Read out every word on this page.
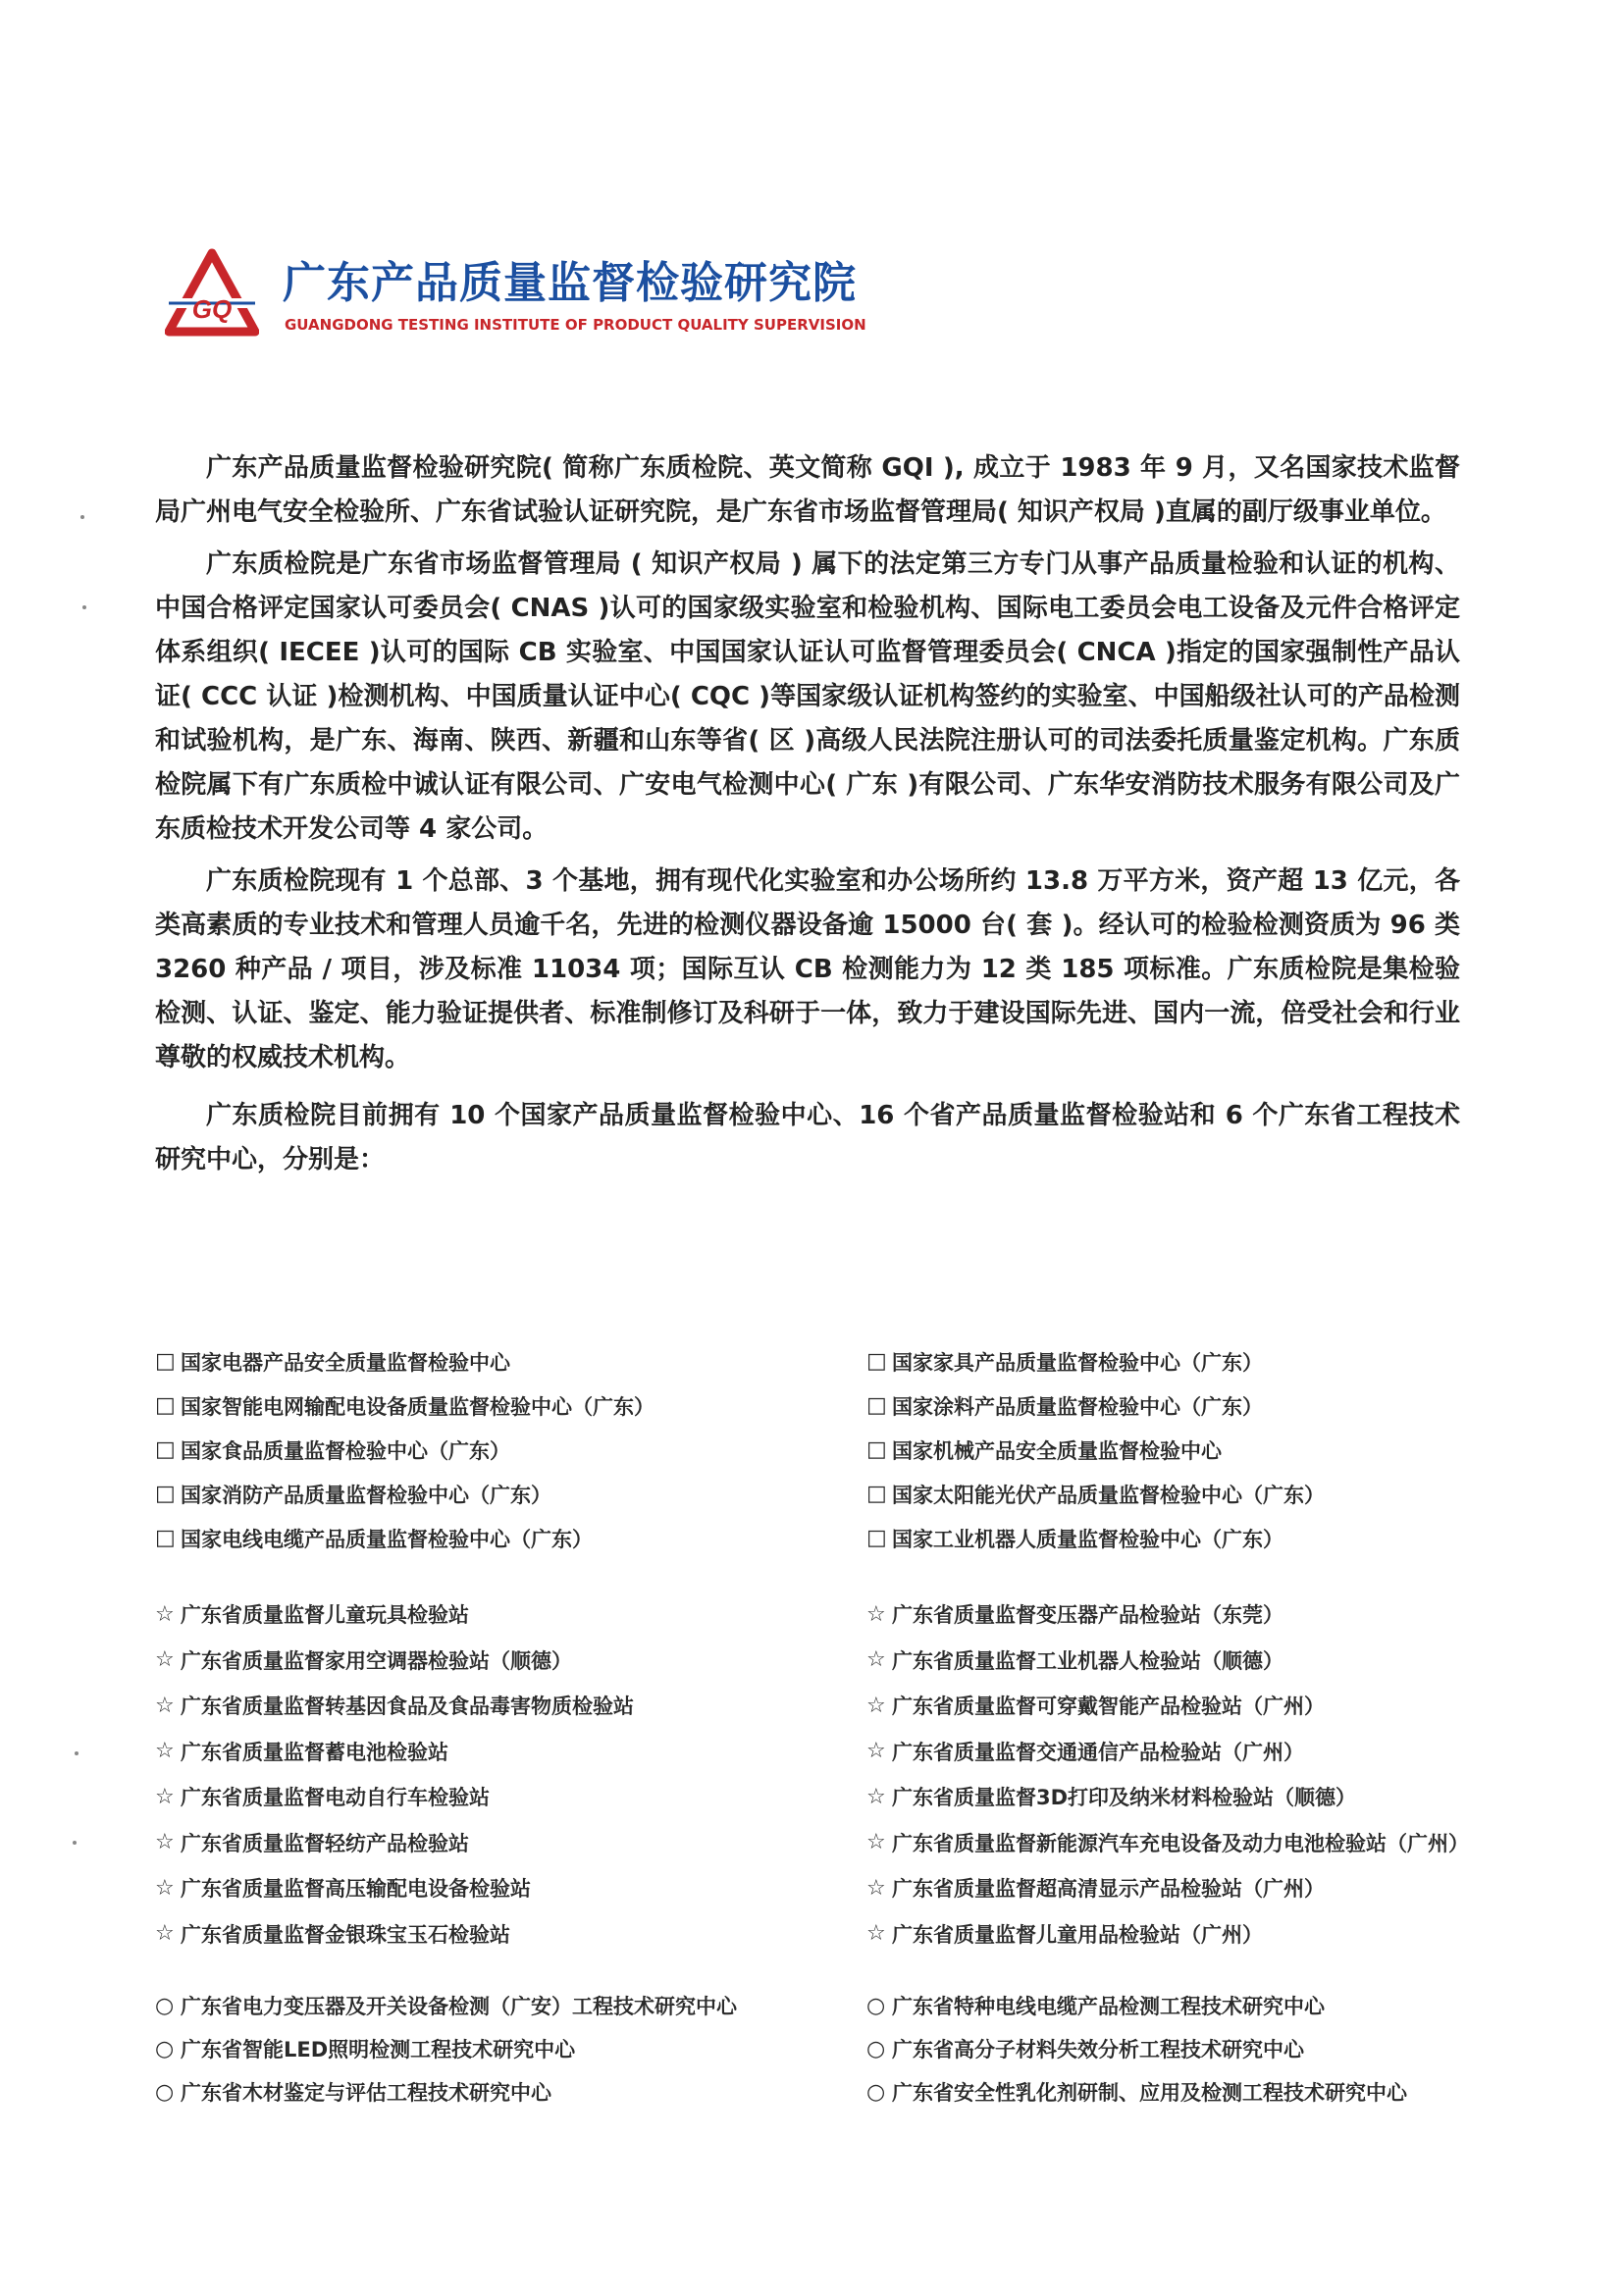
GQ
广东产品质量监督检验研究院
GUANGDONG TESTING INSTITUTE OF PRODUCT QUALITY SUPERVISION

广东产品质量监督检验研究院( 简称广东质检院、英文简称 GQI ), 成立于 1983 年 9 月，又名国家技术监督局广州电气安全检验所、广东省试验认证研究院，是广东省市场监督管理局( 知识产权局 )直属的副厅级事业单位。

广东质检院是广东省市场监督管理局 ( 知识产权局 ) 属下的法定第三方专门从事产品质量检验和认证的机构、中国合格评定国家认可委员会( CNAS )认可的国家级实验室和检验机构、国际电工委员会电工设备及元件合格评定体系组织( IECEE )认可的国际 CB 实验室、中国国家认证认可监督管理委员会( CNCA )指定的国家强制性产品认证( CCC 认证 )检测机构、中国质量认证中心( CQC )等国家级认证机构签约的实验室、中国船级社认可的产品检测和试验机构，是广东、海南、陕西、新疆和山东等省( 区 )高级人民法院注册认可的司法委托质量鉴定机构。广东质检院属下有广东质检中诚认证有限公司、广安电气检测中心( 广东 )有限公司、广东华安消防技术服务有限公司及广东质检技术开发公司等 4 家公司。

广东质检院现有 1 个总部、3 个基地，拥有现代化实验室和办公场所约 13.8 万平方米，资产超 13 亿元，各类高素质的专业技术和管理人员逾千名，先进的检测仪器设备逾 15000 台( 套 )。经认可的检验检测资质为 96 类 3260 种产品 / 项目，涉及标准 11034 项；国际互认 CB 检测能力为 12 类 185 项标准。广东质检院是集检验检测、认证、鉴定、能力验证提供者、标准制修订及科研于一体，致力于建设国际先进、国内一流，倍受社会和行业尊敬的权威技术机构。

广东质检院目前拥有 10 个国家产品质量监督检验中心、16 个省产品质量监督检验站和 6 个广东省工程技术研究中心，分别是：

□ 国家电器产品安全质量监督检验中心
□ 国家智能电网输配电设备质量监督检验中心（广东）
□ 国家食品质量监督检验中心（广东）
□ 国家消防产品质量监督检验中心（广东）
□ 国家电线电缆产品质量监督检验中心（广东）
□ 国家家具产品质量监督检验中心（广东）
□ 国家涂料产品质量监督检验中心（广东）
□ 国家机械产品安全质量监督检验中心
□ 国家太阳能光伏产品质量监督检验中心（广东）
□ 国家工业机器人质量监督检验中心（广东）
☆ 广东省质量监督儿童玩具检验站
☆ 广东省质量监督家用空调器检验站（顺德）
☆ 广东省质量监督转基因食品及食品毒害物质检验站
☆ 广东省质量监督蓄电池检验站
☆ 广东省质量监督电动自行车检验站
☆ 广东省质量监督轻纺产品检验站
☆ 广东省质量监督高压输配电设备检验站
☆ 广东省质量监督金银珠宝玉石检验站
☆ 广东省质量监督变压器产品检验站（东莞）
☆ 广东省质量监督工业机器人检验站（顺德）
☆ 广东省质量监督可穿戴智能产品检验站（广州）
☆ 广东省质量监督交通通信产品检验站（广州）
☆ 广东省质量监督3D打印及纳米材料检验站（顺德）
☆ 广东省质量监督新能源汽车充电设备及动力电池检验站（广州）
☆ 广东省质量监督超高清显示产品检验站（广州）
☆ 广东省质量监督儿童用品检验站（广州）
○ 广东省电力变压器及开关设备检测（广安）工程技术研究中心
○ 广东省智能LED照明检测工程技术研究中心
○ 广东省木材鉴定与评估工程技术研究中心
○ 广东省特种电线电缆产品检测工程技术研究中心
○ 广东省高分子材料失效分析工程技术研究中心
○ 广东省安全性乳化剂研制、应用及检测工程技术研究中心
